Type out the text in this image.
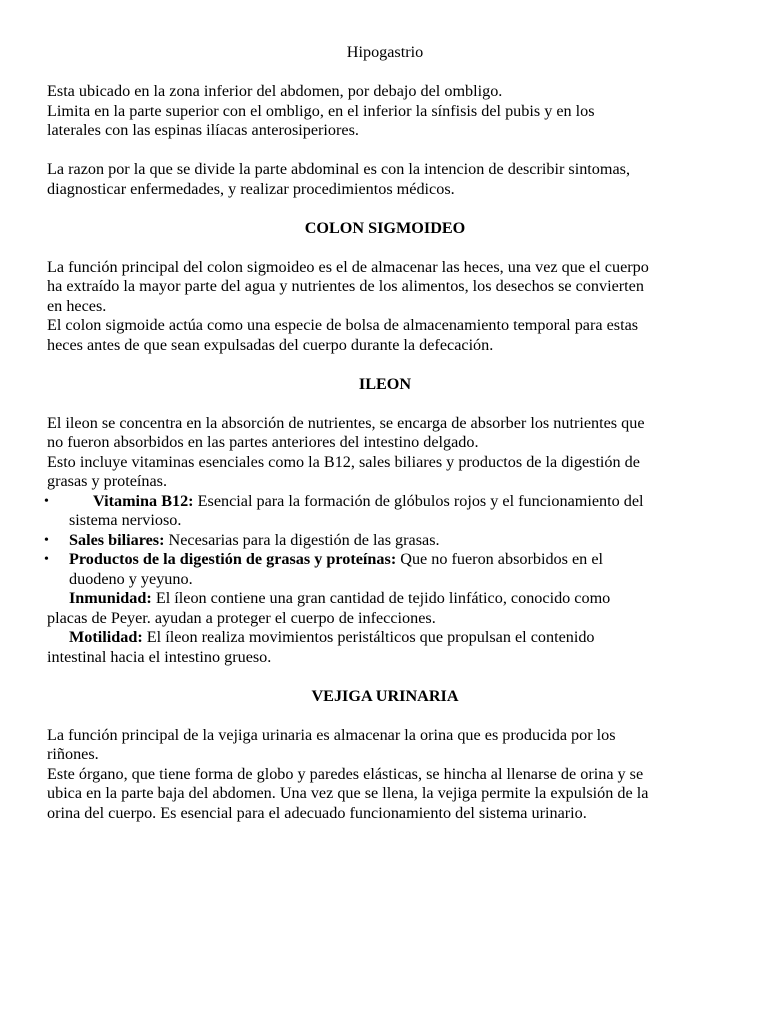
Hipogastrio
Esta ubicado en la zona inferior del abdomen, por debajo del ombligo.
Limita en la parte superior con el ombligo, en el inferior la sínfisis del pubis y en los
laterales con las espinas ilíacas anterosiperiores.
La razon por la que se divide la parte abdominal es con la intencion de describir sintomas,
diagnosticar enfermedades, y realizar procedimientos médicos.
COLON SIGMOIDEO
La función principal del colon sigmoideo es el de almacenar las heces, una vez que el cuerpo
ha extraído la mayor parte del agua y nutrientes de los alimentos, los desechos se convierten
en heces.
El colon sigmoide actúa como una especie de bolsa de almacenamiento temporal para estas
heces antes de que sean expulsadas del cuerpo durante la defecación.
ILEON
El ileon se concentra en la absorción de nutrientes, se encarga de absorber los nutrientes que
no fueron absorbidos en las partes anteriores del intestino delgado.
Esto incluye vitaminas esenciales como la B12, sales biliares y productos de la digestión de
grasas y proteínas.
•	Vitamina B12: Esencial para la formación de glóbulos rojos y el funcionamiento del
sistema nervioso.
• Sales biliares: Necesarias para la digestión de las grasas.
• Productos de la digestión de grasas y proteínas: Que no fueron absorbidos en el
duodeno y yeyuno.
Inmunidad: El íleon contiene una gran cantidad de tejido linfático, conocido como
placas de Peyer. ayudan a proteger el cuerpo de infecciones.
Motilidad: El íleon realiza movimientos peristálticos que propulsan el contenido
intestinal hacia el intestino grueso.
VEJIGA URINARIA
La función principal de la vejiga urinaria es almacenar la orina que es producida por los
riñones.
Este órgano, que tiene forma de globo y paredes elásticas, se hincha al llenarse de orina y se
ubica en la parte baja del abdomen. Una vez que se llena, la vejiga permite la expulsión de la
orina del cuerpo. Es esencial para el adecuado funcionamiento del sistema urinario.
